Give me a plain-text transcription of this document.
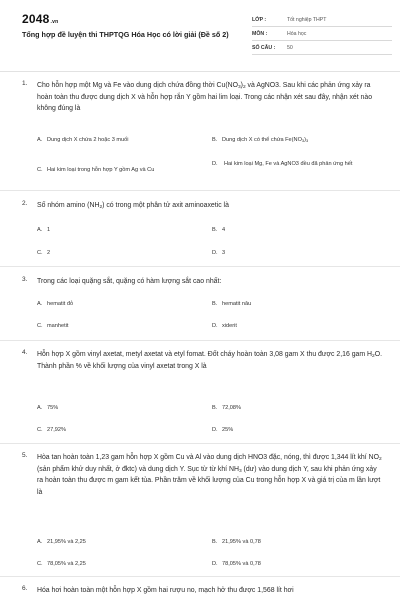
2048.vn
Tổng hợp đề luyện thi THPTQG Hóa Học có lời giải (Đề số 2)
LỚP :	Tốt nghiệp THPT
MÔN :	Hóa học
SỐ CÂU : 50
1. Cho hỗn hợp một Mg và Fe vào dung dịch chứa đồng thời $Cu(NO_3)_2$ và AgNO3. Sau khi các phản ứng xảy ra hoàn toàn thu được dung dịch X và hỗn hợp rắn Y gồm hai lim loại. Trong các nhận xét sau đây, nhận xét nào không đúng là
A. Dung dịch X chứa 2 hoặc 3 muối	B. Dung dịch X có thể chứa $Fe(NO_3)_3$
C. Hai kim loại trong hỗn hợp Y gồm Ag và Cu
D. Hai kim loại Mg, Fe và AgNO3 đều đã phản ứng hết
2. Số nhóm amino $(NH_2)$ có trong một phân tử axit aminoaxetic là
A. 1	B. 4
C. 2	D. 3
3. Trong các loại quặng sắt, quặng có hàm lượng sắt cao nhất:
A. hematit đỏ	B. hematit nâu
C. manhetit	D. xiderit
4. Hỗn hợp X gồm vinyl axetat, metyl axetat và etyl fomat. Đốt cháy hoàn toàn 3,08 gam X thu được 2,16 gam $H_2O$. Thành phần % về khối lượng của vinyl axetat trong X là
A. 75%	B. 72,08%
C. 27,92%	D. 25%
5. Hòa tan hoàn toàn 1,23 gam hỗn hợp X gồm Cu và Al vào dung dịch HNO3 đặc, nóng, thì được 1,344 lít khí $NO_2$ (sản phẩm khử duy nhất, ở đktc) và dung dịch Y. Sục từ từ khí $NH_3$ (dư) vào dung dịch Y, sau khi phản ứng xảy ra hoàn toàn thu được m gam kết tủa. Phần trăm về khối lượng của Cu trong hỗn hợp X và giá trị của m lần lượt là
A. 21,95% và 2,25	B. 21,95% và 0,78
C. 78,05% và 2,25	D. 78,05% và 0,78
6. Hóa hơi hoàn toàn một hỗn hợp X gồm hai rượu no, mạch hở thu được 1,568 lít hơi
